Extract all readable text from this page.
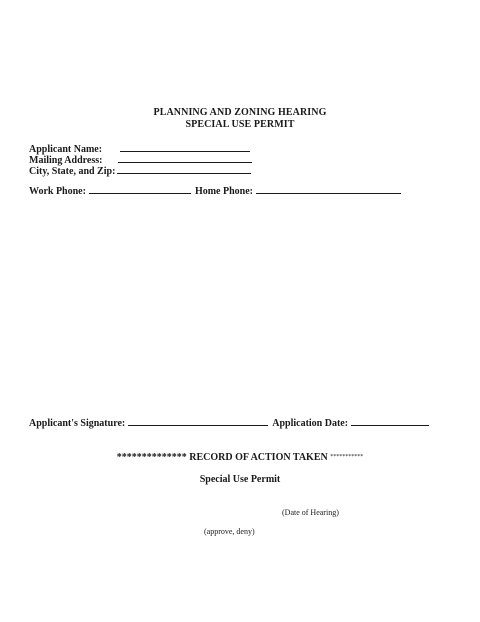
PLANNING AND ZONING HEARING
SPECIAL USE PERMIT
Applicant Name:
Mailing Address:
City, State, and Zip:
Work Phone:	Home Phone:
Applicant's Signature:	Application Date:
************** RECORD OF ACTION TAKEN ***********
Special Use Permit
(Date of Hearing)
(approve, deny)
